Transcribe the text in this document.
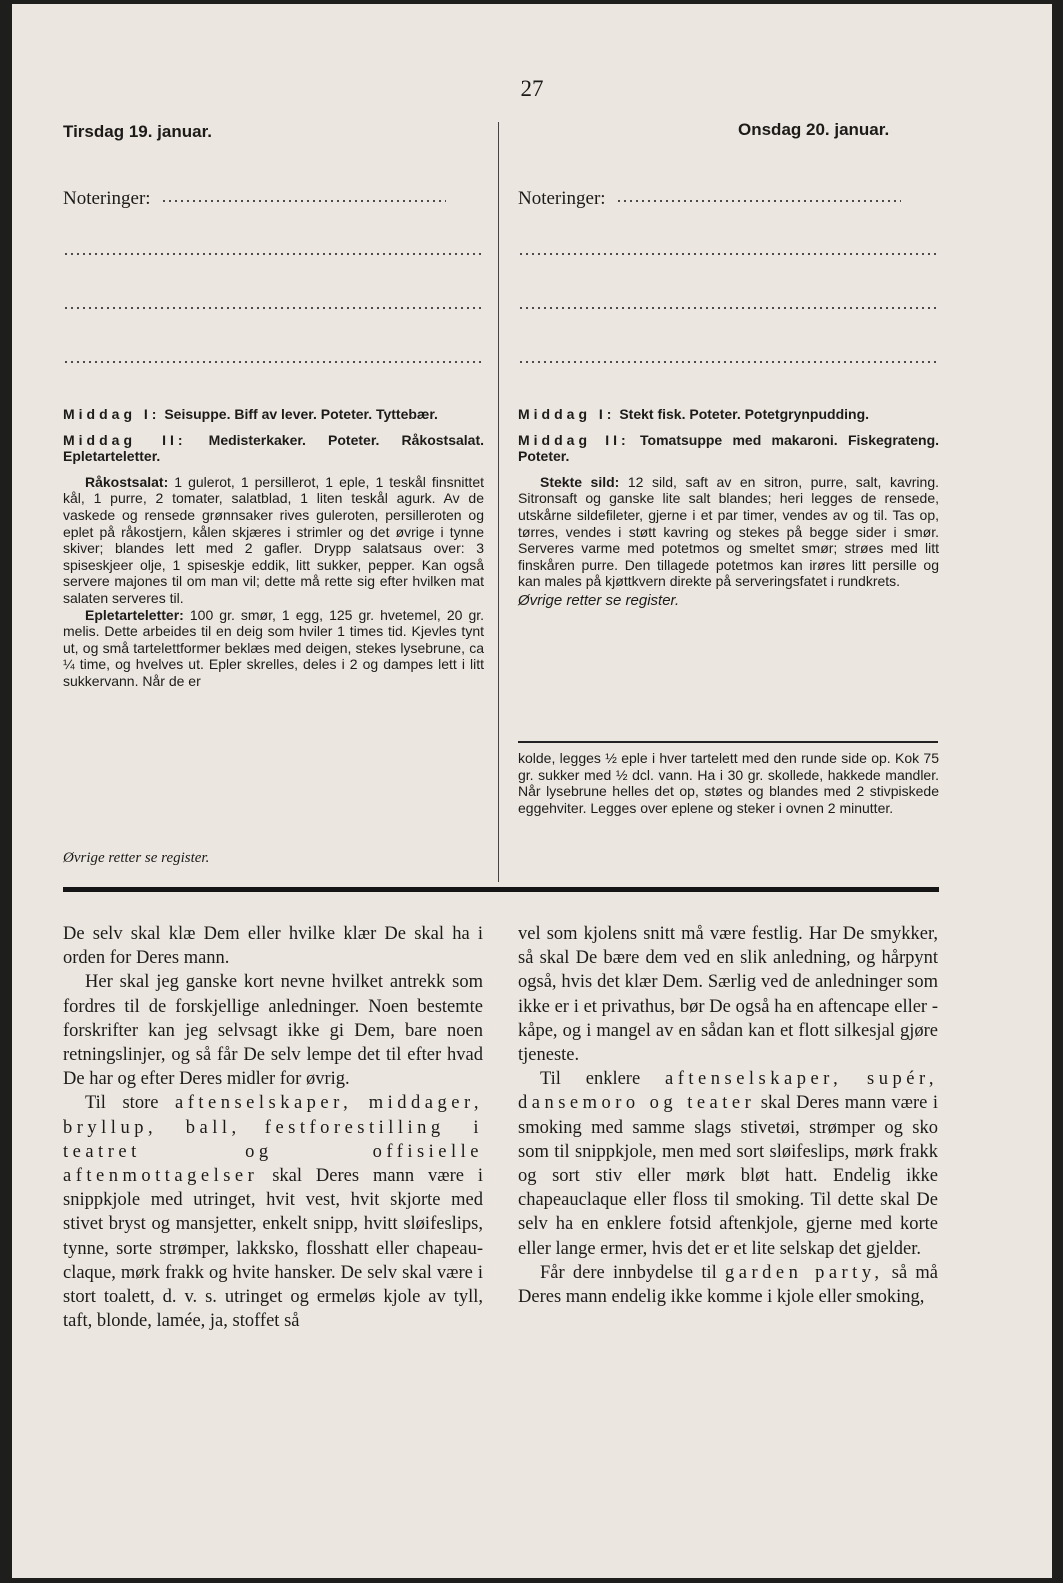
27
Tirsdag 19. januar.	Onsdag 20. januar.
Noteringer:	Noteringer:

Middag I: Seisuppe. Biff av lever. Poteter. Tyttebær.

Middag II: Medisterkaker. Poteter. Råkostsalat. Epletarteletter.

Råkostsalat: 1 gulerot, 1 persillerot, 1 eple, 1 teskål finsnittet kål, 1 purre, 2 tomater, salatblad, 1 liten teskål agurk. Av de vaskede og rensede grønnsaker rives guleroten, persilleroten og eplet på råkostjern, kålen skjæres i strimler og det øvrige i tynne skiver; blandes lett med 2 gafler. Drypp salatsaus over: 3 spiseskjeer olje, 1 spiseskje eddik, litt sukker, pepper. Kan også servere majones til om man vil; dette må rette sig efter hvilken mat salaten serveres til.

Epletarteletter: 100 gr. smør, 1 egg, 125 gr. hvetemel, 20 gr. melis. Dette arbeides til en deig som hviler 1 times tid. Kjevles tynt ut, og små tartelettformer beklæs med deigen, stekes lysebrune, ca ¼ time, og hvelves ut. Epler skrelles, deles i 2 og dampes lett i litt sukkervann. Når de er

Øvrige retter se register.

Middag I: Stekt fisk. Poteter. Potetgrynpudding.

Middag II: Tomatsuppe med makaroni. Fiskegrateng. Poteter.

Stekte sild: 12 sild, saft av en sitron, purre, salt, kavring. Sitronsaft og ganske lite salt blandes; heri legges de rensede, utskårne sildefileter, gjerne i et par timer, vendes av og til. Tas op, tørres, vendes i støtt kavring og stekes på begge sider i smør. Serveres varme med potetmos og smeltet smør; strøes med litt finskåren purre. Den tillagede potetmos kan irøres litt persille og kan males på kjøttkvern direkte på serveringsfatet i rundkrets.

Øvrige retter se register.

kolde, legges ½ eple i hver tartelett med den runde side op. Kok 75 gr. sukker med ½ dcl. vann. Ha i 30 gr. skollede, hakkede mandler. Når lysebrune helles det op, støtes og blandes med 2 stivpiskede eggehviter. Legges over eplene og steker i ovnen 2 minutter.

De selv skal klæ Dem eller hvilke klær De skal ha i orden for Deres mann.

Her skal jeg ganske kort nevne hvilket antrekk som fordres til de forskjellige anledninger. Noen bestemte forskrifter kan jeg selvsagt ikke gi Dem, bare noen retningslinjer, og så får De selv lempe det til efter hvad De har og efter Deres midler for øvrig.

Til store aftenselskaper, middager, bryllup, ball, festforestilling i teatret og	offisielle aftenmottagelser skal Deres mann være i snippkjole med utringet, hvit vest, hvit skjorte med stivet bryst og mansjetter, enkelt snipp, hvitt sløifeslips, tynne, sorte strømper, lakksko, flosshatt eller chapeau-claque, mørk frakk og hvite hansker. De selv skal være i stort toalett, d. v. s. utringet og ermeløs kjole av tyll, taft, blonde, lamée, ja, stoffet så

vel som kjolens snitt må være festlig. Har De smykker, så skal De bære dem ved en slik anledning, og hårpynt også, hvis det klær Dem. Særlig ved de anledninger som ikke er i et privathus, bør De også ha en aftencape eller -kåpe, og i mangel av en sådan kan et flott silkesjal gjøre tjeneste.

Til enklere aftenselskaper, supér, dansemoro og teater skal Deres mann være i smoking med samme slags stivetøi, strømper og sko som til snippkjole, men med sort sløifeslips, mørk frakk og sort stiv eller mørk bløt hatt. Endelig ikke chapeauclaque eller floss til smoking. Til dette skal De selv ha en enklere fotsid aftenkjole, gjerne med korte eller lange ermer, hvis det er et lite selskap det gjelder.

Får dere innbydelse til garden party, så må Deres mann endelig ikke komme i kjole eller smoking,
